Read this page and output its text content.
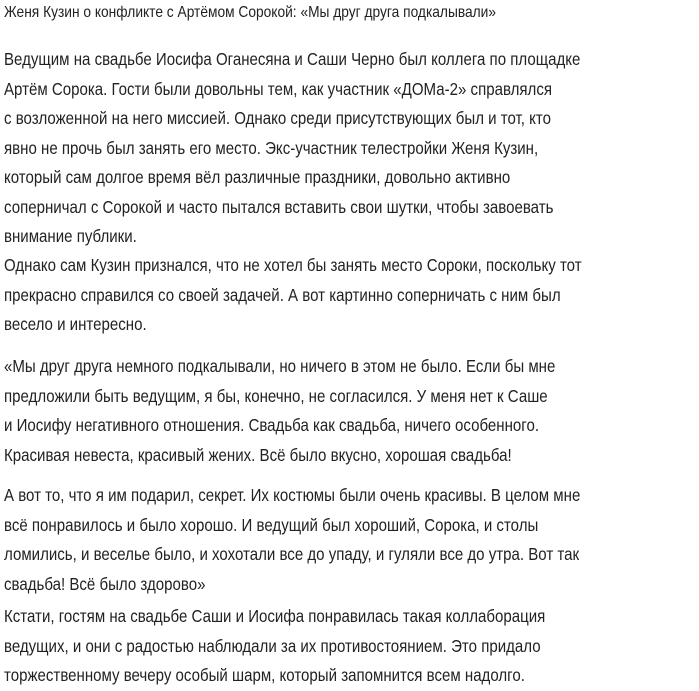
Женя Кузин о конфликте с Артёмом Сорокой: «Мы друг друга подкалывали»
Ведущим на свадьбе Иосифа Оганесяна и Саши Черно был коллега по площадке
Артём Сорока. Гости были довольны тем, как участник «ДОМа-2» справлялся
с возложенной на него миссией. Однако среди присутствующих был и тот, кто
явно не прочь был занять его место. Экс-участник телестройки Женя Кузин,
который сам долгое время вёл различные праздники, довольно активно
соперничал с Сорокой и часто пытался вставить свои шутки, чтобы завоевать
внимание публики.
Однако сам Кузин признался, что не хотел бы занять место Сороки, поскольку тот
прекрасно справился со своей задачей. А вот картинно соперничать с ним был
весело и интересно.
«Мы друг друга немного подкалывали, но ничего в этом не было. Если бы мне
предложили быть ведущим, я бы, конечно, не согласился. У меня нет к Саше
и Иосифу негативного отношения. Свадьба как свадьба, ничего особенного.
Красивая невеста, красивый жених. Всё было вкусно, хорошая свадьба!
А вот то, что я им подарил, секрет. Их костюмы были очень красивы. В целом мне
всё понравилось и было хорошо. И ведущий был хороший, Сорока, и столы
ломились, и веселье было, и хохотали все до упаду, и гуляли все до утра. Вот так
свадьба! Всё было здорово»
Кстати, гостям на свадьбе Саши и Иосифа понравилась такая коллаборация
ведущих, и они с радостью наблюдали за их противостоянием. Это придало
торжественному вечеру особый шарм, который запомнится всем надолго.
